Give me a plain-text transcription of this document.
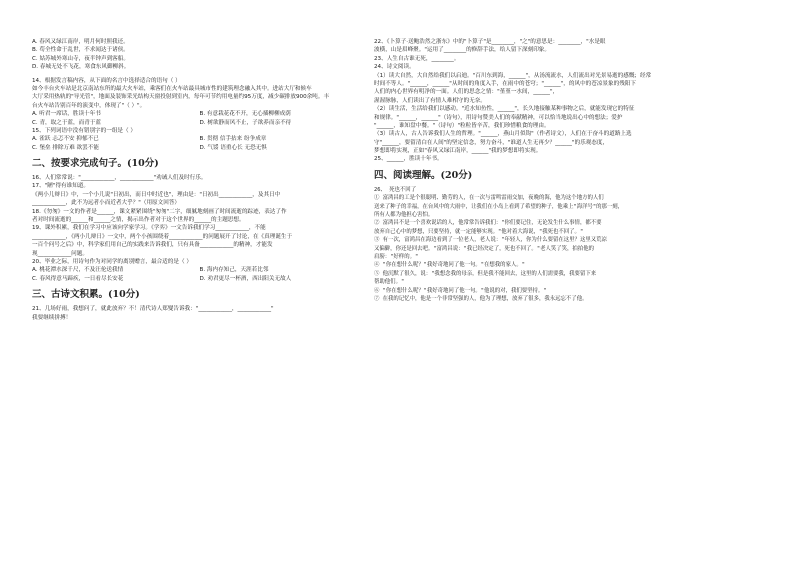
A. 春风又绿江南岸，明月何时照我还。

B. 苟全性命于乱世，不求闻达于诸侯。

C. 姑苏城外寒山寺，夜半钟声到客船。

D. 春城无处不飞花，寒食东风御柳斜。

14、根据发言稿内容，从下面的名言中选择适合的语句（ ）

如今丰台火车站是北京南站东所的最大火车站，乘客们在火车站最具城市性的建筑理念融入其中。进站大厅和候车

大厅采用热轨的"导光管"，地面及装饰采光结构天窗投射到室内，每年可节约用电量约95万度，减少碳排放900余吨。丰

台火车站告别百年的演变中，体现了"（ ）"。

A. 听君一席话，胜读十年书	B. 有意栽花花不开，无心插柳柳成荫
C. 青，取之于蓝，而青于蓝	D. 树欲静而风不止，子欲养而亲不待

15、下列词语中没有错别字的一组是（ ）

A. 雀跃 忐忑不安 抑郁不已	B. 贯彻 信手拈来 纷争成章
C. 堡垒 排除万难 欲罢不能	D. 气馁 语重心长 无恐无惧
二、按要求完成句子。(10分)

16、人们常常说："____________，____________"劝诫人们及时行乐。

17、"陋"得有谁知道。

《两小儿辩日》中，一个小儿说"日初出，而日中时近也"，理由是："日初出____________，及其日中

____________，此不为远者小而近者大乎？"（用原文回答）

18.《勿匆》一文的作者是______，课文紧紧围绕"匆匆"二字，细腻地刻画了时间流逝的踪迹，表达了作

者对时间流逝的______和______之情，揭示出作者对于这个世界的______的主题思想。

19、课外积累，我们在学习中应该向学家学习。《学弈》一文告诉我们学习____________，不能

____________，《两小儿辩日》一文中，两个小孩围绕着____________的问题展开了讨论，在《真理诞生于

一百个问号之后》中，科学家们用自己的实践来告诉我们，只有具备____________的精神，才能发

现____________问题。

20、毕业之际，用诗句作为对同学的离别赠言，最合适的是（ ）

A. 桃花潭水深千尺，不及汪伦送我情	B. 海内存知己，天涯若比邻
C. 春风得意马蹄疾，一日看尽长安花	D. 劝君更尽一杯酒，西出阳关无故人
三、古诗文积累。(10分)

21、几场好雨，我想问了，就此放弃？不！清代诗人郑燮告诉我："____________，____________"

我要继续拼搏！

22、《卜算子·送鲍浩然之浙东》中的"卜算子"是________，"之"的意思是：________，"水是眼

波横，山是眉峰聚。"运用了________的修辞手法，给人留下深刻印象。

23、人生自古谁无死，________。

24、诗文阅读。

（1）读大自然，大自然给我们以启迪。"百川东到海，______"，从汤流流水，人们流出对光景易逝的感慨；经常

时间不等人。"______，______"从时间的角度入手，在雨中的苍穹；"______"，的风中的苍凉景象的残阳下

人们的内心世界有明净的一面。人们的思念之情："堇堇一水间，______"，

渥渥脉脉，人们读出了有情人难相守的无奈。

（2）读生活，生活给我们以感动。"近水知鱼性，______"，长久地接触某种事物之后，就能发现它的特征

和规律。"______，______"（诗句），用诗句赞美人们的奉献精神，可以恰当地说出心中的想法；爱护

"______，谁知盘中餐。"（诗句）"粒粒皆辛苦，我们珍惜粮食的理由。

（3）读古人，古人告诉我们人生的哲理。"______，燕山月似钩"（作者诗文），人们在于奋斗的道路上选

守"______，要留清白在人间"的坚定信念，努力奋斗，"谁道人生无再少？______"的乐观态度，

梦想即将实现，正如"春风又绿江南岸，______"我的梦想即将实现。

25、______，胜读十年书。

四、阅读理解。(20分)

26、 死也不回了

① 富鸿昌的工是个很聪明、勤劳的人，在一次与雷鸣雷雨交加，夜晚的海，他为这个地方的人们

送来了种子的幸福，在台风中的大雨中，让我们在小岛上看到了希望的种子，他乘上"海洋号"的那一刻，

所有人都为他担心害怕。

② 富鸿昌不是一个喜欢说话的人，他常常告诉我们："你们要记住，无论发生什么事情，都不要

放弃自己心中的梦想，只要坚持，就一定能够实现。"他对着大海说，"我死也不回了。"

③ 有一次，富鸿昌在海边看到了一位老人，老人说："年轻人，你为什么要留在这里？这里又荒凉

又偏僻，你还是回去吧。"富鸿昌说："我已经决定了，死也不回了。"老人笑了笑，拍拍他的

肩膀："好样的。"

④ "你在想什么呢？"我好奇地问了他一句。"在想我的家人。"

⑤ 他沉默了很久，说："我想念我的母亲，但是我不能回去，这里的人们需要我，我要留下来

帮助他们。"

⑥ "你在想什么呢？"我好奇地问了他一句。"他说的对，我们要坚持。"

⑦ 在我的记忆中，他是一个非常坚强的人，他为了理想，放弃了很多，我永远忘不了他。
